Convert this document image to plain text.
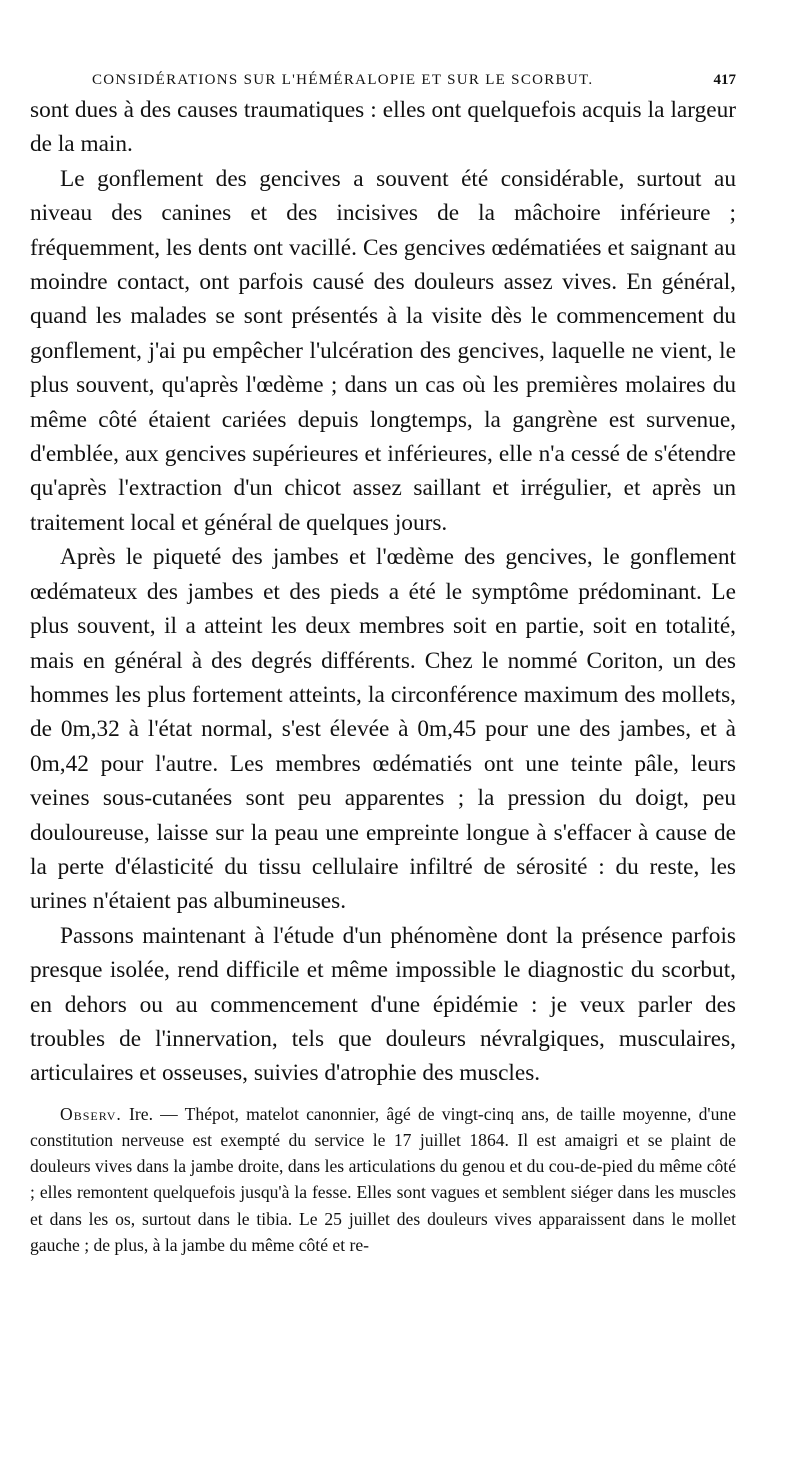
CONSIDÉRATIONS SUR L'HÉMÉRALOPIE ET SUR LE SCORBUT.	417

sont dues à des causes traumatiques : elles ont quelquefois acquis la largeur de la main.

Le gonflement des gencives a souvent été considérable, surtout au niveau des canines et des incisives de la mâchoire inférieure ; fréquemment, les dents ont vacillé. Ces gencives œdématiées et saignant au moindre contact, ont parfois causé des douleurs assez vives. En général, quand les malades se sont présentés à la visite dès le commencement du gonflement, j'ai pu empêcher l'ulcération des gencives, laquelle ne vient, le plus souvent, qu'après l'œdème ; dans un cas où les premières molaires du même côté étaient cariées depuis longtemps, la gangrène est survenue, d'emblée, aux gencives supérieures et inférieures, elle n'a cessé de s'étendre qu'après l'extraction d'un chicot assez saillant et irrégulier, et après un traitement local et général de quelques jours.

Après le piqueté des jambes et l'œdème des gencives, le gonflement œdémateux des jambes et des pieds a été le symptôme prédominant. Le plus souvent, il a atteint les deux membres soit en partie, soit en totalité, mais en général à des degrés différents. Chez le nommé Coriton, un des hommes les plus fortement atteints, la circonférence maximum des mollets, de 0m,32 à l'état normal, s'est élevée à 0m,45 pour une des jambes, et à 0m,42 pour l'autre. Les membres œdématiés ont une teinte pâle, leurs veines sous-cutanées sont peu apparentes ; la pression du doigt, peu douloureuse, laisse sur la peau une empreinte longue à s'effacer à cause de la perte d'élasticité du tissu cellulaire infiltré de sérosité : du reste, les urines n'étaient pas albumineuses.

Passons maintenant à l'étude d'un phénomène dont la présence parfois presque isolée, rend difficile et même impossible le diagnostic du scorbut, en dehors ou au commencement d'une épidémie : je veux parler des troubles de l'innervation, tels que douleurs névralgiques, musculaires, articulaires et osseuses, suivies d'atrophie des muscles.

Observ. Ire. — Thépot, matelot canonnier, âgé de vingt-cinq ans, de taille moyenne, d'une constitution nerveuse est exempté du service le 17 juillet 1864. Il est amaigri et se plaint de douleurs vives dans la jambe droite, dans les articulations du genou et du cou-de-pied du même côté ; elles remontent quelquefois jusqu'à la fesse. Elles sont vagues et semblent siéger dans les muscles et dans les os, surtout dans le tibia. Le 25 juillet des douleurs vives apparaissent dans le mollet gauche ; de plus, à la jambe du même côté et re-
